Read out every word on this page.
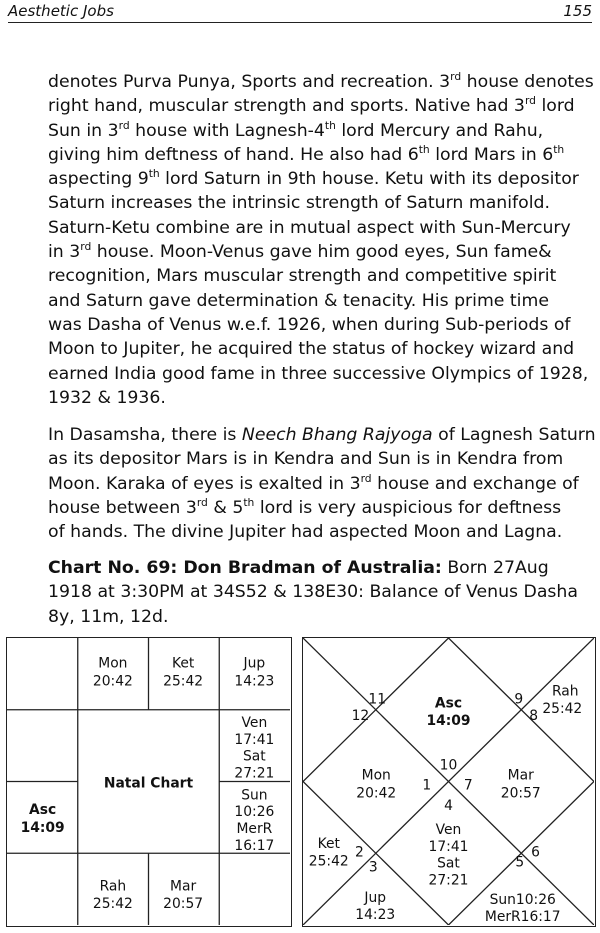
Aesthetic Jobs	155
denotes Purva Punya, Sports and recreation. 3rd house denotes
right hand, muscular strength and sports. Native had 3rd lord
Sun in 3rd house with Lagnesh-4th lord Mercury and Rahu,
giving him deftness of hand. He also had 6th lord Mars in 6th
aspecting 9th lord Saturn in 9th house. Ketu with its depositor
Saturn increases the intrinsic strength of Saturn manifold.
Saturn-Ketu combine are in mutual aspect with Sun-Mercury
in 3rd house. Moon-Venus gave him good eyes, Sun fame&
recognition, Mars muscular strength and competitive spirit
and Saturn gave determination & tenacity. His prime time
was Dasha of Venus w.e.f. 1926, when during Sub-periods of
Moon to Jupiter, he acquired the status of hockey wizard and
earned India good fame in three successive Olympics of 1928,
1932 & 1936.
In Dasamsha, there is Neech Bhang Rajyoga of Lagnesh Saturn
as its depositor Mars is in Kendra and Sun is in Kendra from
Moon. Karaka of eyes is exalted in 3rd house and exchange of
house between 3rd & 5th lord is very auspicious for deftness
of hands. The divine Jupiter had aspected Moon and Lagna.
Chart No. 69: Don Bradman of Australia: Born 27Aug
1918 at 3:30PM at 34S52 & 138E30: Balance of Venus Dasha
8y, 11m, 12d.
Mon
20:42
Ket
25:42
Jup
14:23
Ven
17:41
Sat
27:21
Sun
10:26
MerR
16:17
Natal Chart
Asc
14:09
Rah
25:42
Mar
20:57
Asc
14:09
Rah
25:42
Mon
20:42
Mar
20:57
Ket
25:42
Ven
17:41
Sat
27:21
Jup
14:23
Sun10:26
MerR16:17
1
2
3
4
5
6
7
8
9
10
11
12
